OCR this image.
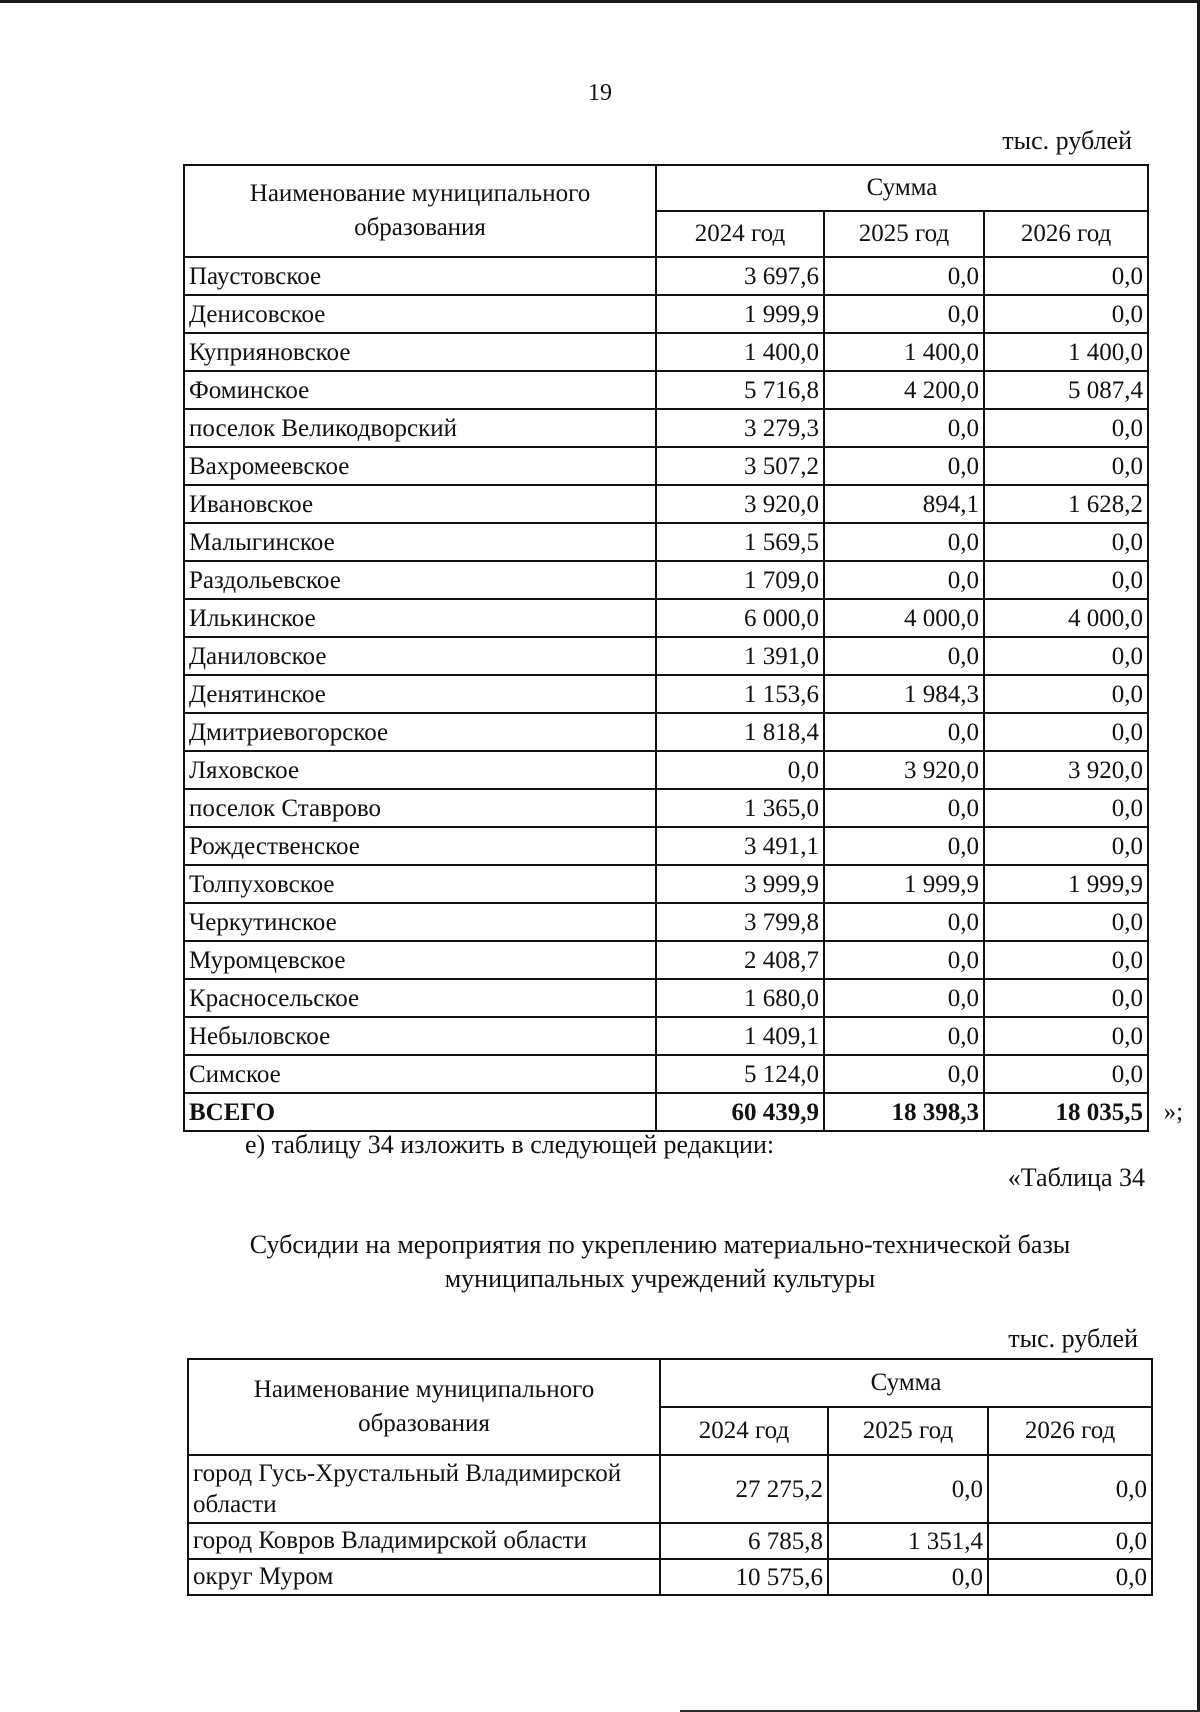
19
тыс. рублей
Наименование муниципального образования	Сумма		
	2024 год	2025 год	2026 год
Паустовское	3 697,6	0,0	0,0
Денисовское	1 999,9	0,0	0,0
Куприяновское	1 400,0	1 400,0	1 400,0
Фоминское	5 716,8	4 200,0	5 087,4
поселок Великодворский	3 279,3	0,0	0,0
Вахромеевское	3 507,2	0,0	0,0
Ивановское	3 920,0	894,1	1 628,2
Малыгинское	1 569,5	0,0	0,0
Раздольевское	1 709,0	0,0	0,0
Илькинское	6 000,0	4 000,0	4 000,0
Даниловское	1 391,0	0,0	0,0
Денятинское	1 153,6	1 984,3	0,0
Дмитриевогорское	1 818,4	0,0	0,0
Ляховское	0,0	3 920,0	3 920,0
поселок Ставрово	1 365,0	0,0	0,0
Рождественское	3 491,1	0,0	0,0
Толпуховское	3 999,9	1 999,9	1 999,9
Черкутинское	3 799,8	0,0	0,0
Муромцевское	2 408,7	0,0	0,0
Красносельское	1 680,0	0,0	0,0
Небыловское	1 409,1	0,0	0,0
Симское	5 124,0	0,0	0,0
ВСЕГО	60 439,9	18 398,3	18 035,5 »;
е) таблицу 34 изложить в следующей редакции:
«Таблица 34
Субсидии на мероприятия по укреплению материально-технической базы муниципальных учреждений культуры
тыс. рублей
Наименование муниципального образования	Сумма		
	2024 год	2025 год	2026 год
город Гусь-Хрустальный Владимирской области	27 275,2	0,0	0,0
город Ковров Владимирской области	6 785,8	1 351,4	0,0
округ Муром	10 575,6	0,0	0,0
